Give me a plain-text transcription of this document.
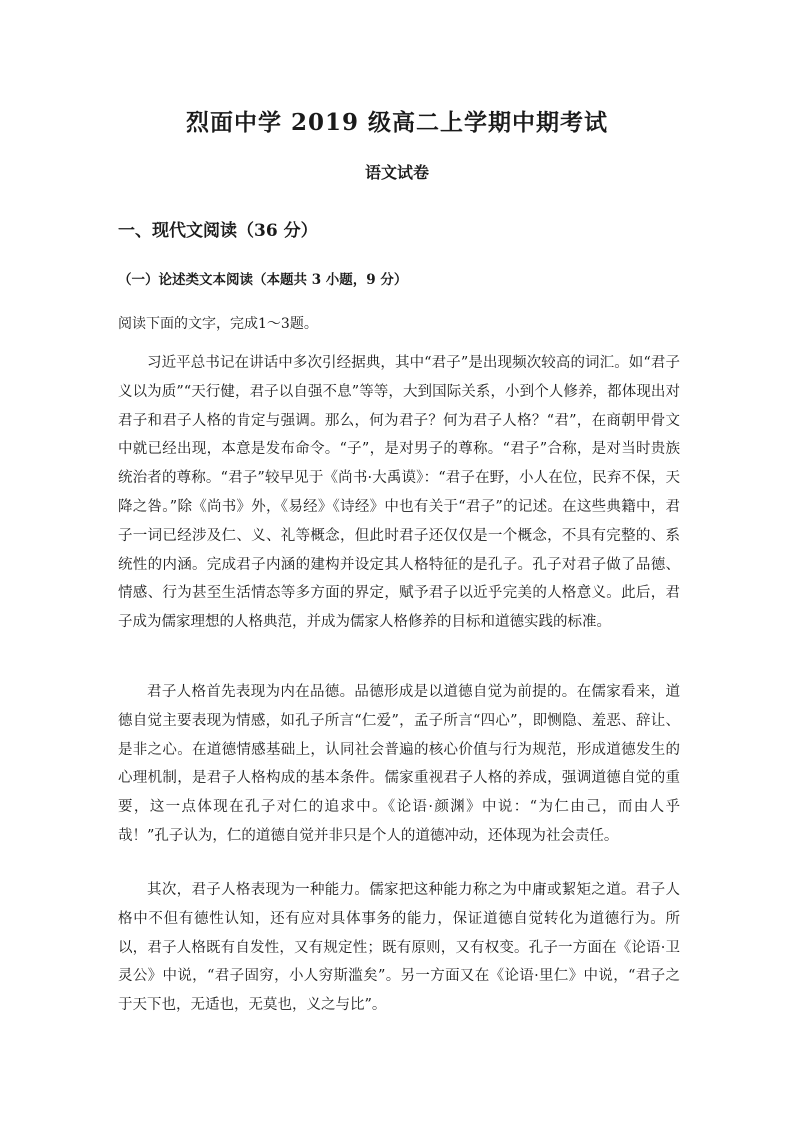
烈面中学 2019 级高二上学期中期考试
语文试卷
一、现代文阅读（36 分）
（一）论述类文本阅读（本题共 3 小题，9 分）

阅读下面的文字，完成1～3题。

习近平总书记在讲话中多次引经据典，其中“君子”是出现频次较高的词汇。如“君子义以为质”“天行健，君子以自强不息”等等，大到国际关系，小到个人修养，都体现出对君子和君子人格的肯定与强调。那么，何为君子？何为君子人格？“君”，在商朝甲骨文中就已经出现，本意是发布命令。“子”，是对男子的尊称。“君子”合称，是对当时贵族统治者的尊称。“君子”较早见于《尚书·大禹谟》：“君子在野，小人在位，民弃不保，天降之咎。”除《尚书》外，《易经》《诗经》中也有关于“君子”的记述。在这些典籍中，君子一词已经涉及仁、义、礼等概念，但此时君子还仅仅是一个概念，不具有完整的、系统性的内涵。完成君子内涵的建构并设定其人格特征的是孔子。孔子对君子做了品德、情感、行为甚至生活情态等多方面的界定，赋予君子以近乎完美的人格意义。此后，君子成为儒家理想的人格典范，并成为儒家人格修养的目标和道德实践的标准。

君子人格首先表现为内在品德。品德形成是以道德自觉为前提的。在儒家看来，道德自觉主要表现为情感，如孔子所言“仁爱”，孟子所言“四心”，即恻隐、羞恶、辞让、是非之心。在道德情感基础上，认同社会普遍的核心价值与行为规范，形成道德发生的心理机制，是君子人格构成的基本条件。儒家重视君子人格的养成，强调道德自觉的重要，这一点体现在孔子对仁的追求中。《论语·颜渊》中说：“为仁由己，而由人乎哉！”孔子认为，仁的道德自觉并非只是个人的道德冲动，还体现为社会责任。

其次，君子人格表现为一种能力。儒家把这种能力称之为中庸或絜矩之道。君子人格中不但有德性认知，还有应对具体事务的能力，保证道德自觉转化为道德行为。所以，君子人格既有自发性，又有规定性；既有原则，又有权变。孔子一方面在《论语·卫灵公》中说，“君子固穷，小人穷斯滥矣”。另一方面又在《论语·里仁》中说，“君子之于天下也，无适也，无莫也，义之与比”。
